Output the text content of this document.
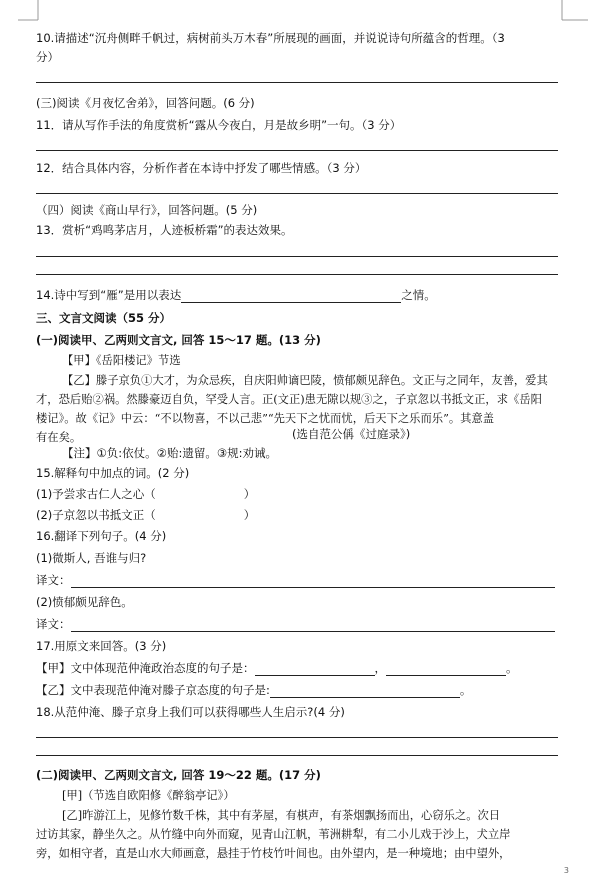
10.请描述“沉舟侧畔千帆过，病树前头万木春”所展现的画面，并说说诗句所蕴含的哲理。（3
分）
(三)阅读《月夜忆舍弟》，回答问题。(6 分)
11．请从写作手法的角度赏析“露从今夜白，月是故乡明”一句。（3 分）
12．结合具体内容，分析作者在本诗中抒发了哪些情感。（3 分）
（四）阅读《商山早行》，回答问题。(5 分)
13．赏析“鸡鸣茅店月，人迹板桥霜”的表达效果。
14.诗中写到“雁”是用以表达	之情。
三、文言文阅读（55 分）
(一)阅读甲、乙两则文言文, 回答 15～17 题。(13 分)
【甲】《岳阳楼记》节选
【乙】滕子京负①大才，为众忌疾，自庆阳帅谪巴陵，愤郁颇见辞色。文正与之同年，友善，爱其
才，恐后贻②祸。然滕豪迈自负，罕受人言。正(文正)患无隙以规③之，子京忽以书抵文正，求《岳阳
楼记》。故《记》中云：“不以物喜，不以己悲”“先天下之忧而忧，后天下之乐而乐”。其意盖
有在矣。	(选自范公偁《过庭录》)
【注】①负:依仗。②贻:遗留。③规:劝诫。
15.解释句中加点的词。(2 分)
(1)予尝求古仁人之心（	）
(2)子京忽以书抵文正（	）
16.翻译下列句子。(4 分)
(1)微斯人, 吾谁与归?
译文：
(2)愤郁颇见辞色。
译文：
17.用原文来回答。(3 分)
【甲】文中体现范仲淹政治态度的句子是：	，	。
【乙】文中表现范仲淹对滕子京态度的句子是:	。
18.从范仲淹、滕子京身上我们可以获得哪些人生启示?(4 分)
(二)阅读甲、乙两则文言文, 回答 19～22 题。(17 分)
[甲]（节选自欧阳修《醉翁亭记》）
[乙]昨游江上，见修竹数千株，其中有茅屋，有棋声，有茶烟飘扬而出，心窃乐之。次日
过访其家，静坐久之。从竹缝中向外而窥，见青山江帆，苇洲耕犁，有二小儿戏于沙上，犬立岸
旁，如相守者，直是山水大师画意，悬挂于竹枝竹叶间也。由外望内，是一种境地；由中望外，
3
